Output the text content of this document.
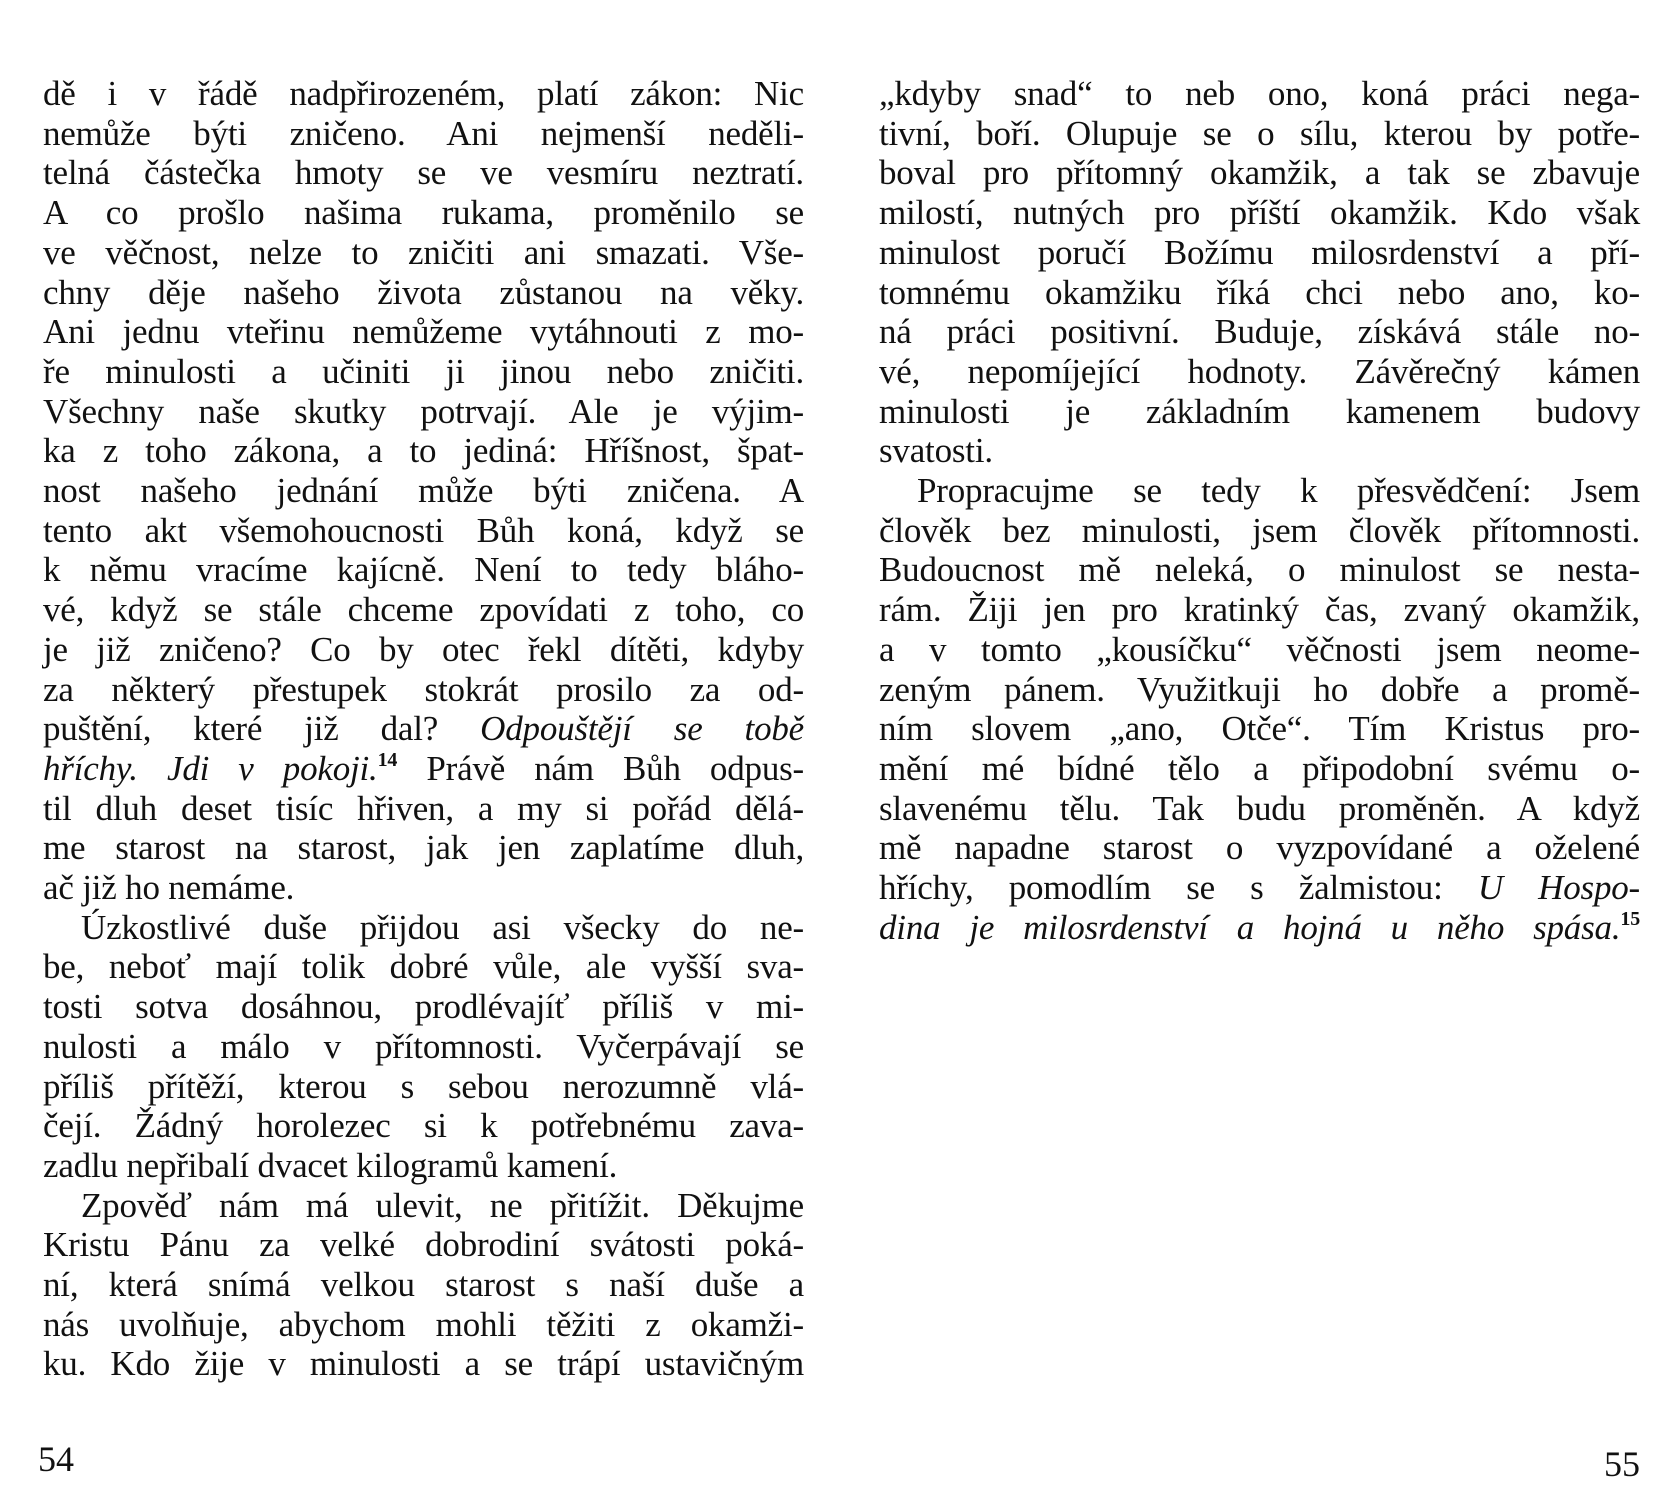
dě i v řádě nadpřirozeném, platí zákon: Nic
nemůže býti zničeno. Ani nejmenší neděli-
telná částečka hmoty se ve vesmíru neztratí.
A co prošlo našima rukama, proměnilo se
ve věčnost, nelze to zničiti ani smazati. Vše-
chny děje našeho života zůstanou na věky.
Ani jednu vteřinu nemůžeme vytáhnouti z mo-
ře minulosti a učiniti ji jinou nebo zničiti.
Všechny naše skutky potrvají. Ale je výjim-
ka z toho zákona, a to jediná: Hříšnost, špat-
nost našeho jednání může býti zničena. A
tento akt všemohoucnosti Bůh koná, když se
k němu vracíme kajícně. Není to tedy bláho-
vé, když se stále chceme zpovídati z toho, co
je již zničeno? Co by otec řekl dítěti, kdyby
za některý přestupek stokrát prosilo za od-
puštění, které již dal? Odpouštějí se tobě
hříchy. Jdi v pokoji.$^{14}$ Právě nám Bůh odpus-
til dluh deset tisíc hřiven, a my si pořád dělá-
me starost na starost, jak jen zaplatíme dluh,
ač již ho nemáme.
Úzkostlivé duše přijdou asi všecky do ne-
be, neboť mají tolik dobré vůle, ale vyšší sva-
tosti sotva dosáhnou, prodlévajíť příliš v mi-
nulosti a málo v přítomnosti. Vyčerpávají se
příliš přítěží, kterou s sebou nerozumně vlá-
čejí. Žádný horolezec si k potřebnému zava-
zadlu nepřibalí dvacet kilogramů kamení.
Zpověď nám má ulevit, ne přitížit. Děkujme
Kristu Pánu za velké dobrodiní svátosti poká-
ní, která snímá velkou starost s naší duše a
nás uvolňuje, abychom mohli těžiti z okamži-
ku. Kdo žije v minulosti a se trápí ustavičným
54
„kdyby snad“ to neb ono, koná práci nega-
tivní, boří. Olupuje se o sílu, kterou by potře-
boval pro přítomný okamžik, a tak se zbavuje
milostí, nutných pro příští okamžik. Kdo však
minulost poručí Božímu milosrdenství a pří-
tomnému okamžiku říká chci nebo ano, ko-
ná práci positivní. Buduje, získává stále no-
vé, nepomíjející hodnoty. Závěrečný kámen
minulosti je základním kamenem budovy
svatosti.
Propracujme se tedy k přesvědčení: Jsem
člověk bez minulosti, jsem člověk přítomnosti.
Budoucnost mě neleká, o minulost se nesta-
rám. Žiji jen pro kratinký čas, zvaný okamžik,
a v tomto „kousíčku“ věčnosti jsem neome-
zeným pánem. Využitkuji ho dobře a promě-
ním slovem „ano, Otče“. Tím Kristus pro-
mění mé bídné tělo a připodobní svému o-
slavenému tělu. Tak budu proměněn. A když
mě napadne starost o vyzpovídané a oželené
hříchy, pomodlím se s žalmistou: U Hospo-
dina je milosrdenství a hojná u něho spása.$^{15}$
55
